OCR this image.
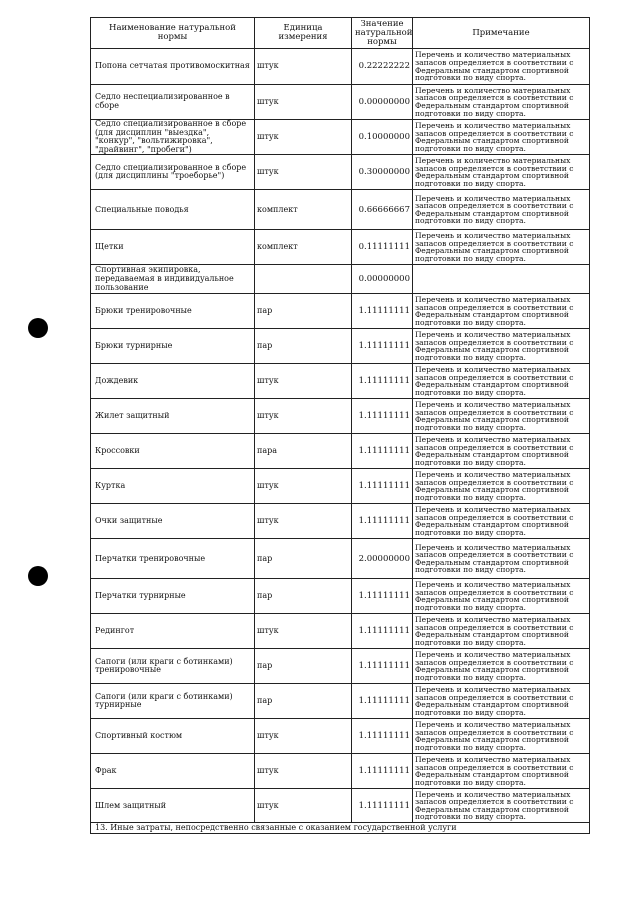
Наименование натуральной нормы	Единица измерения	Значение натуральной нормы	Примечание
Попона сетчатая противомоскитная	штук	0.22222222	Перечень и количество материальных запасов определяется в соответствии с Федеральным стандартом спортивной подготовки по виду спорта.
Седло неспециализированное в сборе	штук	0.00000000	Перечень и количество материальных запасов определяется в соответствии с Федеральным стандартом спортивной подготовки по виду спорта.
Седло специализированное в сборе (для дисциплин "выездка", "конкур", "вольтижировка", "драйвинг", "пробеги")	штук	0.10000000	Перечень и количество материальных запасов определяется в соответствии с Федеральным стандартом спортивной подготовки по виду спорта.
Седло специализированное в сборе (для дисциплины "троеборье")	штук	0.30000000	Перечень и количество материальных запасов определяется в соответствии с Федеральным стандартом спортивной подготовки по виду спорта.
Специальные поводья	комплект	0.66666667	Перечень и количество материальных запасов определяется в соответствии с Федеральным стандартом спортивной подготовки по виду спорта.
Щетки	комплект	0.11111111	Перечень и количество материальных запасов определяется в соответствии с Федеральным стандартом спортивной подготовки по виду спорта.
Спортивная экипировка, передаваемая в индивидуальное пользование		0.00000000	
Брюки тренировочные	пар	1.11111111	Перечень и количество материальных запасов определяется в соответствии с Федеральным стандартом спортивной подготовки по виду спорта.
Брюки турнирные	пар	1.11111111	Перечень и количество материальных запасов определяется в соответствии с Федеральным стандартом спортивной подготовки по виду спорта.
Дождевик	штук	1.11111111	Перечень и количество материальных запасов определяется в соответствии с Федеральным стандартом спортивной подготовки по виду спорта.
Жилет защитный	штук	1.11111111	Перечень и количество материальных запасов определяется в соответствии с Федеральным стандартом спортивной подготовки по виду спорта.
Кроссовки	пара	1.11111111	Перечень и количество материальных запасов определяется в соответствии с Федеральным стандартом спортивной подготовки по виду спорта.
Куртка	штук	1.11111111	Перечень и количество материальных запасов определяется в соответствии с Федеральным стандартом спортивной подготовки по виду спорта.
Очки защитные	штук	1.11111111	Перечень и количество материальных запасов определяется в соответствии с Федеральным стандартом спортивной подготовки по виду спорта.
Перчатки тренировочные	пар	2.00000000	Перечень и количество материальных запасов определяется в соответствии с Федеральным стандартом спортивной подготовки по виду спорта.
Перчатки турнирные	пар	1.11111111	Перечень и количество материальных запасов определяется в соответствии с Федеральным стандартом спортивной подготовки по виду спорта.
Редингот	штук	1.11111111	Перечень и количество материальных запасов определяется в соответствии с Федеральным стандартом спортивной подготовки по виду спорта.
Сапоги (или краги с ботинками) тренировочные	пар	1.11111111	Перечень и количество материальных запасов определяется в соответствии с Федеральным стандартом спортивной подготовки по виду спорта.
Сапоги (или краги с ботинками) турнирные	пар	1.11111111	Перечень и количество материальных запасов определяется в соответствии с Федеральным стандартом спортивной подготовки по виду спорта.
Спортивный костюм	штук	1.11111111	Перечень и количество материальных запасов определяется в соответствии с Федеральным стандартом спортивной подготовки по виду спорта.
Фрак	штук	1.11111111	Перечень и количество материальных запасов определяется в соответствии с Федеральным стандартом спортивной подготовки по виду спорта.
Шлем защитный	штук	1.11111111	Перечень и количество материальных запасов определяется в соответствии с Федеральным стандартом спортивной подготовки по виду спорта.
13. Иные затраты, непосредственно связанные с оказанием государственной услуги			
